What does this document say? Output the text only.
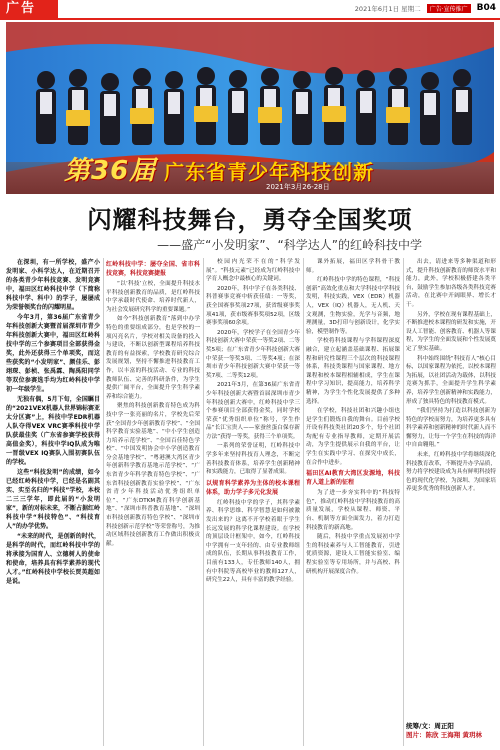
广告	2021年6月1日 星期二	广告·宣传推广	B04
第36届 广东省青少年科技创新
2021年3月26-28日
闪耀科技舞台，勇夺全国奖项
——盛产“小发明家”、“科学达人”的红岭科技中学

在深圳，有一所学校，盛产小发明家、小科学达人，在近期召开的各类青少年科技竞赛、发明竞赛中，福田区红岭科技中学（下简称科技中学、科中）的学子，屡屡成为荣誉领奖台的闪耀明星。

今年3月，第36届广东省青少年科技创新大赛暨首届深圳市青少年科技创新大赛中，福田区红岭科技中学的三个参赛项目全部获得金奖，此外还获得三个单项奖，而这些获奖的“小发明家”、颜佳乐、彭翊琛、彭桢、张禹霖、陶禹阳同学等双位参赛选手均为红岭科技中学初一年级学生。

无独有偶，5月下旬，全国瞩目的“2021VEX机器人世界锦标赛亚太分区赛”上，科技中学EDR机器人队夺得VEX VRC赛季科技中学队获最佳奖（广东省参赛学校获得高值金奖），科技中学IQ队成为唯一晋级VEX IQ赛队入围初赛队伍的学校。

这些“科技发明”的成绩，如今已经红岭科技中学，已经是名副其实、实至名归的“科技”学校，本校二三三学年，即此届的“小发明家”，新的对标未来，不断占据红岭科技中学“科技特色”、“科技育人”的办学优势。

“未来的时代，是创新的时代，是科学的时代，而红岭科技中学的将承接为国育人、立德树人的使命和使命，培养具有科学素养的现代人才。”红岭科技中学校长贾英超如是说。

红岭科技中学：屡夺全国、省市科技竞赛，科技竞赛捷报

“以‘科技’立校，全面提升科技水平科技创新教育的品质，是红岭科技中学承载时代使命、培养时代新人，为社会发展研究科学的重要课题。”

如今“科技创新教育”落到中办学特色的重要组成部分，也是学校的一项闪亮名片，学校对相关设备的投入与建设，不断以创新型课程培养科技教育的有益探索，学校教育研究综合发展规划，坚持不懈推进科技教育工作，以丰富的科技活动、专业的科技教师队伍、完善的科研条件，为学生提供广阔平台，全面提升学生科学素养和综合能力。

聚焦的科技创新教育特色成为科技中学一张亮丽的名片，学校先后荣获“全国青少年创新教育学校”、“全国科学教育实验基地”、“中小学生创造力培养示范学校”、“全国百佳特色学校”、“中国发明协会中小学创造教育分会基地学校”、“粤港澳大湾区青少年创新科学教育基地示范学校”、“广东省青少年科学教育特色学校”、“广东省科技创新教育实验学校”、“广东省青少年科技活动优秀组织单位”、“广东DTKM教育科学创新基地”、“深圳市科普教育基地”、“深圳市科技创新教育特色学校”、“深圳市科技创新示范学校”等荣誉称号，为推动区域科技创新教育工作做出积极贡献。

校园内光荣不在的“科学发展”。“科技元素”已经成为红岭科技中学育人概念中最核心的关键词。

2020年，科中学子在各类科技、科普赛事竞赛中斩获佳绩：一等奖，获全国赛事奖项27项，获省级赛事奖项41项，获市级赛事奖项52项，区级赛事奖项60余项。

2020年，学校学子在全国青少年科技创新大赛中荣获一等奖2项、二等奖5项；在广东省青少年科技创新大赛中荣获一等奖3项、二等奖4项；在深圳市青少年科技创新大赛中荣获一等奖7项、二等奖12项。

2021年3月，在第36届广东省青少年科技创新大赛暨首届深圳市青少年科技创新大赛中，红岭科技中学三个参赛项目全部获得金奖，同时学校荣获“优秀组织单位”称号，学生作品“长江宝贵人——家蚕丝蛋白保存新方法”获得一等奖，获得三个单项奖。

一系列的荣誉证明，红岭科技中学多年来坚持科技育人理念，不断完善科技教育体系，培养学生创新精神和实践能力，已取得了显著成果。

以规育科学素养为主体的校本课程体系，助力学子多元化发展

红岭科技中学的学子，其科学素养、科学思维、科学智慧是如何被激发出来的？这离不开学校着眼于学生长远发展的科学化课程建设。在学校的顶层设计框架中，如今，红岭科技中学拥有一支年轻的、由专业教师组成的队伍，长期从事科技教育工作，目前有133人，专任教师140人，拥有中科院等高校毕业的教师127人，研究生22人，具有丰富的教学经验。

课外拓展，福田区学科骨干教师。

红岭科技中学的特色课程，“科技创新”高效化重点和大学科技中学科技发明，科技实践，VEX（EDR）机器人，VEX（IQ）机器人，无人机、天文观测，生物实验，光学与音频，地理测量，3D打印与创新设计，化学实验，模型制作等。

学校将科技课程与学科课程深度融合，建立起涵盖基础课程、拓展课程和研究性课程三个层次的科技课程体系，科技类课程与国家课程、地方课程和校本课程相辅相成，学生在课程中学习知识，提高能力，培养科学精神，为学生个性化发展提供了多种选择。

在学校，科技社团和兴趣小组也是学生们锻炼自我的舞台。目前学校开设有科技类社团20多个，每个社团均配有专业指导教师，定期开展活动，为学生提供展示自我的平台，让学生在实践中学习、在探究中成长，在合作中进步。

福田区AI教育大湾区发源地，科技育人道上新的征程

为了进一步夯实科中的“科技特色”，推动红岭科技中学科技教育的高质量发展，学校从课程、师资、平台、机制等方面全面发力，着力打造科技教育的新高地。

随后，科技中学重点发展初中学生的科技素养与人工智能教育，引进优质资源，建设人工智能实验室、编程实验室等专用场所，并与高校、科研机构开展深度合作。

出去，请进来等多种渠道和形式，提升科技创新教育的师资水平和能力，此外，学校积极搭建各类平台，鼓励学生参加各级各类科技竞赛活动，在比赛中开阔眼界、增长才干。

另外，学校在现有课程基础上，不断推进校本课程的研发和实施，开设人工智能、创客教育、机器人等课程，为学生的全面发展和个性发展奠定了坚实基础。

科中始终围绕“科技育人”核心目标，以国家课程为依托，以校本课程为拓展，以社团活动为载体，以科技竞赛为抓手，全面提升学生科学素养，培养学生创新精神和实践能力，形成了独具特色的科技教育模式。

“我们坚持为打造以科技创新为特色的学校而努力，为培养更多具有科学素养和创新精神的时代新人而不懈努力，让每一个学生在科技的海洋中自由翱翔。”

未来，红岭科技中学将继续深化科技教育改革，不断提升办学品质，努力将学校建设成为具有鲜明科技特色的现代化学校，为深圳、为国家培养更多优秀的科技创新人才。

统筹/文：周正阳
图片：陈欣 王海翔 黄玥林
